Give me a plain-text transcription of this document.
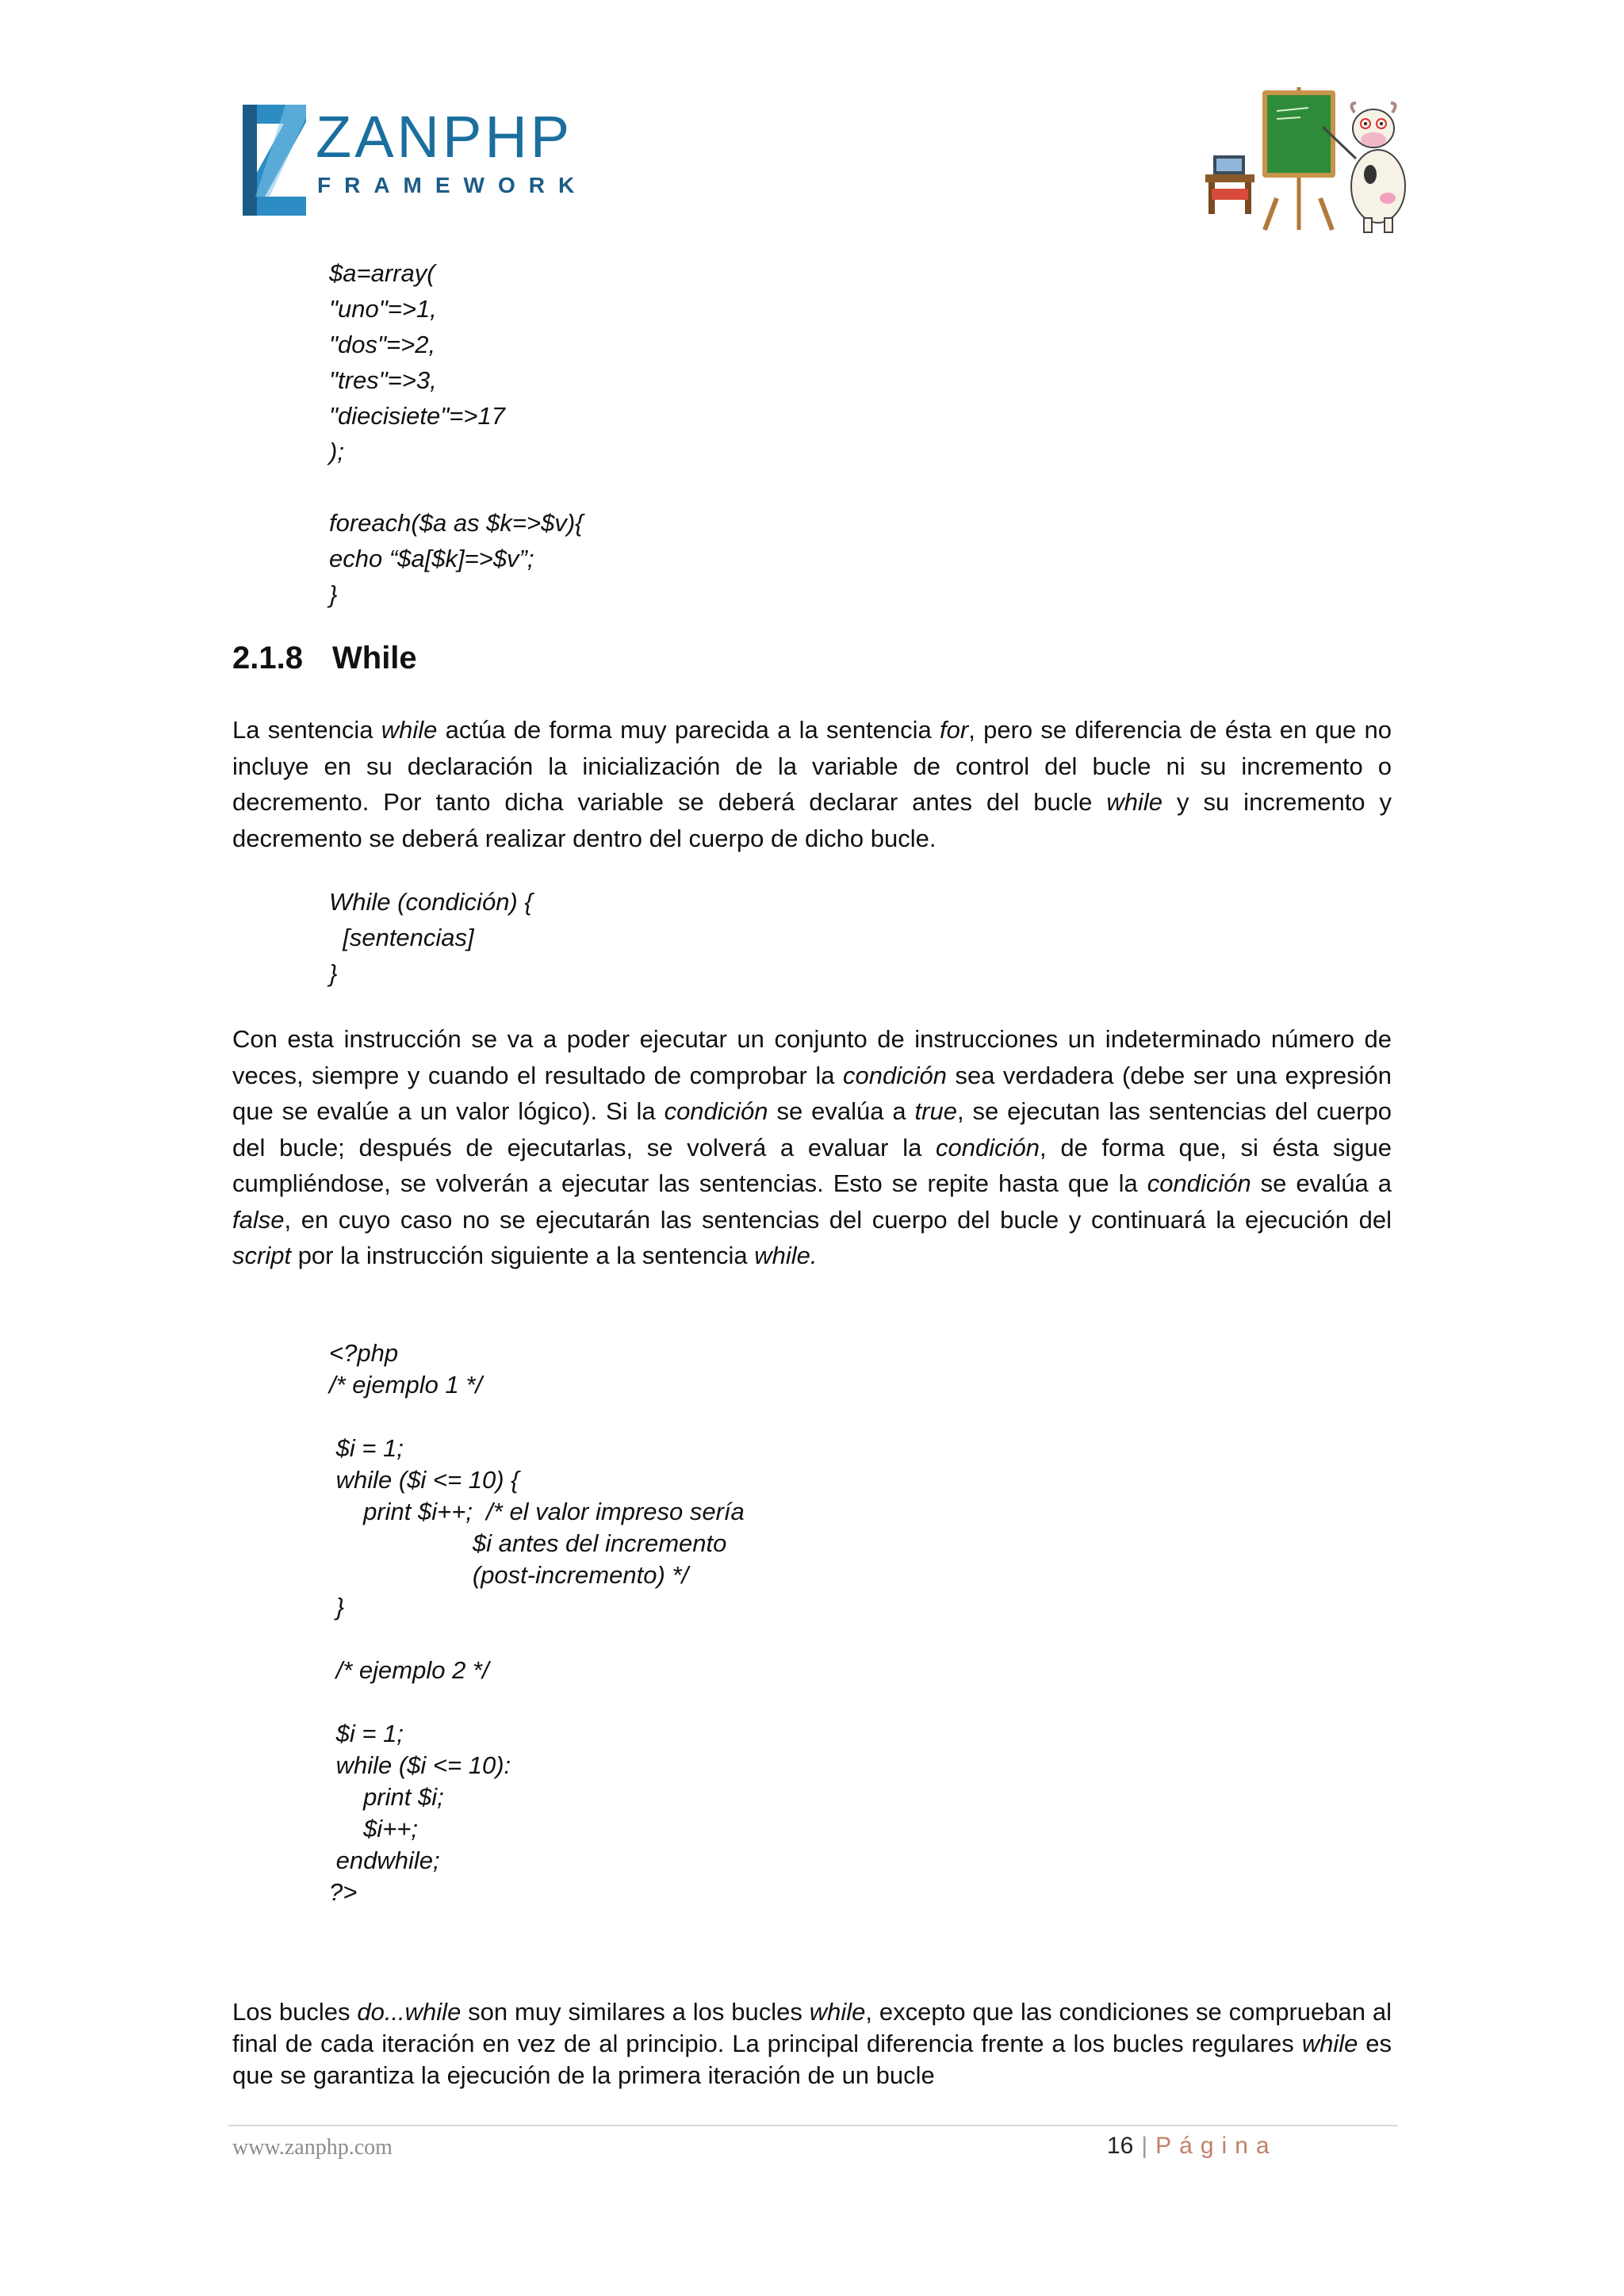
ZANPHP
FRAMEWORK
$a=array(
"uno"=>1,
"dos"=>2,
"tres"=>3,
"diecisiete"=>17
);

foreach($a as $k=>$v){
echo “$a[$k]=>$v”;
}
2.1.8 While
La sentencia while actúa de forma muy parecida a la sentencia for, pero se diferencia de ésta en que no incluye en su declaración la inicialización de la variable de control del bucle ni su incremento o decremento. Por tanto dicha variable se deberá declarar antes del bucle while y su incremento y decremento se deberá realizar dentro del cuerpo de dicho bucle.
While (condición) {
[sentencias]
}
Con esta instrucción se va a poder ejecutar un conjunto de instrucciones un indeterminado número de veces, siempre y cuando el resultado de comprobar la condición sea verdadera (debe ser una expresión que se evalúe a un valor lógico). Si la condición se evalúa a true, se ejecutan las sentencias del cuerpo del bucle; después de ejecutarlas, se volverá a evaluar la condición, de forma que, si ésta sigue cumpliéndose, se volverán a ejecutar las sentencias. Esto se repite hasta que la condición se evalúa a false, en cuyo caso no se ejecutarán las sentencias del cuerpo del bucle y continuará la ejecución del script por la instrucción siguiente a la sentencia while.
<?php
/* ejemplo 1 */

$i = 1;
while ($i <= 10) {
print $i++;  /* el valor impreso sería
$i antes del incremento
(post-incremento) */
}

/* ejemplo 2 */

$i = 1;
while ($i <= 10):
print $i;
$i++;
endwhile;
?>
Los bucles do...while son muy similares a los bucles while, excepto que las condiciones se comprueban al final de cada iteración en vez de al principio. La principal diferencia frente a los bucles regulares while es que se garantiza la ejecución de la primera iteración de un bucle
www.zanphp.com	16 | Página
